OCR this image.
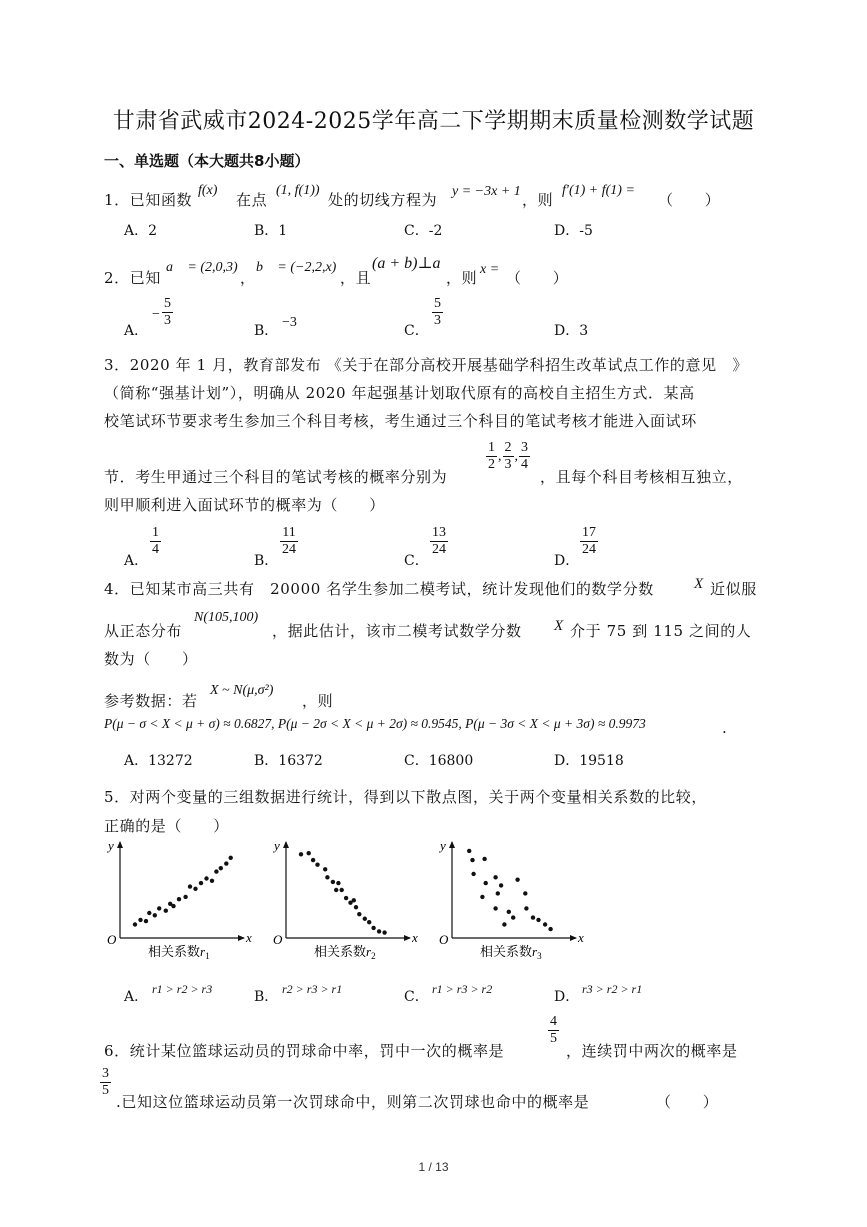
甘肃省武威市2024-2025学年高二下学期期末质量检测数学试题
一、单选题（本大题共8小题）
1．已知函数
f(x)
在点
(1, f(1))
处的切线方程为 y = −3x + 1 ，则
f′(1) + f(1) =
（　　）
A．2	B．1	C．-2	D．-5
2．已知
a⃗ = (2,0,3)
，
b⃗ = (−2,2,x)
，且
(a + b)⊥a
，则 x = （　　）
A．
− $\frac{5}{3}$
B．
−3
C．
$\frac{5}{3}$
D．3
3．2020 年 1 月，教育部发布 《关于在部分高校开展基础学科招生改革试点工作的意见　》
（简称“强基计划”），明确从 2020 年起强基计划取代原有的高校自主招生方式．某高
校笔试环节要求考生参加三个科目考核，考生通过三个科目的笔试考核才能进入面试环
节．考生甲通过三个科目的笔试考核的概率分别为
$\frac{1}{2}$ , $\frac{2}{3}$ , $\frac{3}{4}$
，且每个科目考核相互独立，
则甲顺利进入面试环节的概率为（　　）
A．
$\frac{1}{4}$
B．
$\frac{11}{24}$
C．
$\frac{13}{24}$
D．
$\frac{17}{24}$
4．已知某市高三共有　20000 名学生参加二模考试，统计发现他们的数学分数	X 近似服
从正态分布
N(105,100)
，据此估计，该市二模考试数学分数 X 介于 75 到 115 之间的人
数为（　　）
参考数据：若
X ~ N(μ,σ²)
，则
P(μ − σ < X < μ + σ) ≈ 0.6827, P(μ − 2σ < X < μ + 2σ) ≈ 0.9545, P(μ − 3σ < X < μ + 3σ) ≈ 0.9973	.
A．13272	B．16372	C．16800	D．19518
5．对两个变量的三组数据进行统计，得到以下散点图，关于两个变量相关系数的比较，
正确的是（　　）
y
x
O
相关系数$r_1$
y
x
O
相关系数$r_2$
y
x
O
相关系数$r_3$
A． r1 > r2 > r3	B． r2 > r3 > r1	C． r1 > r3 > r2	D． r3 > r2 > r1
6．统计某位篮球运动员的罚球命中率，罚中一次的概率是
$\frac{4}{5}$
，连续罚中两次的概率是
$\frac{3}{5}$
.已知这位篮球运动员第一次罚球命中，则第二次罚球也命中的概率是	（　　）
1 / 13
